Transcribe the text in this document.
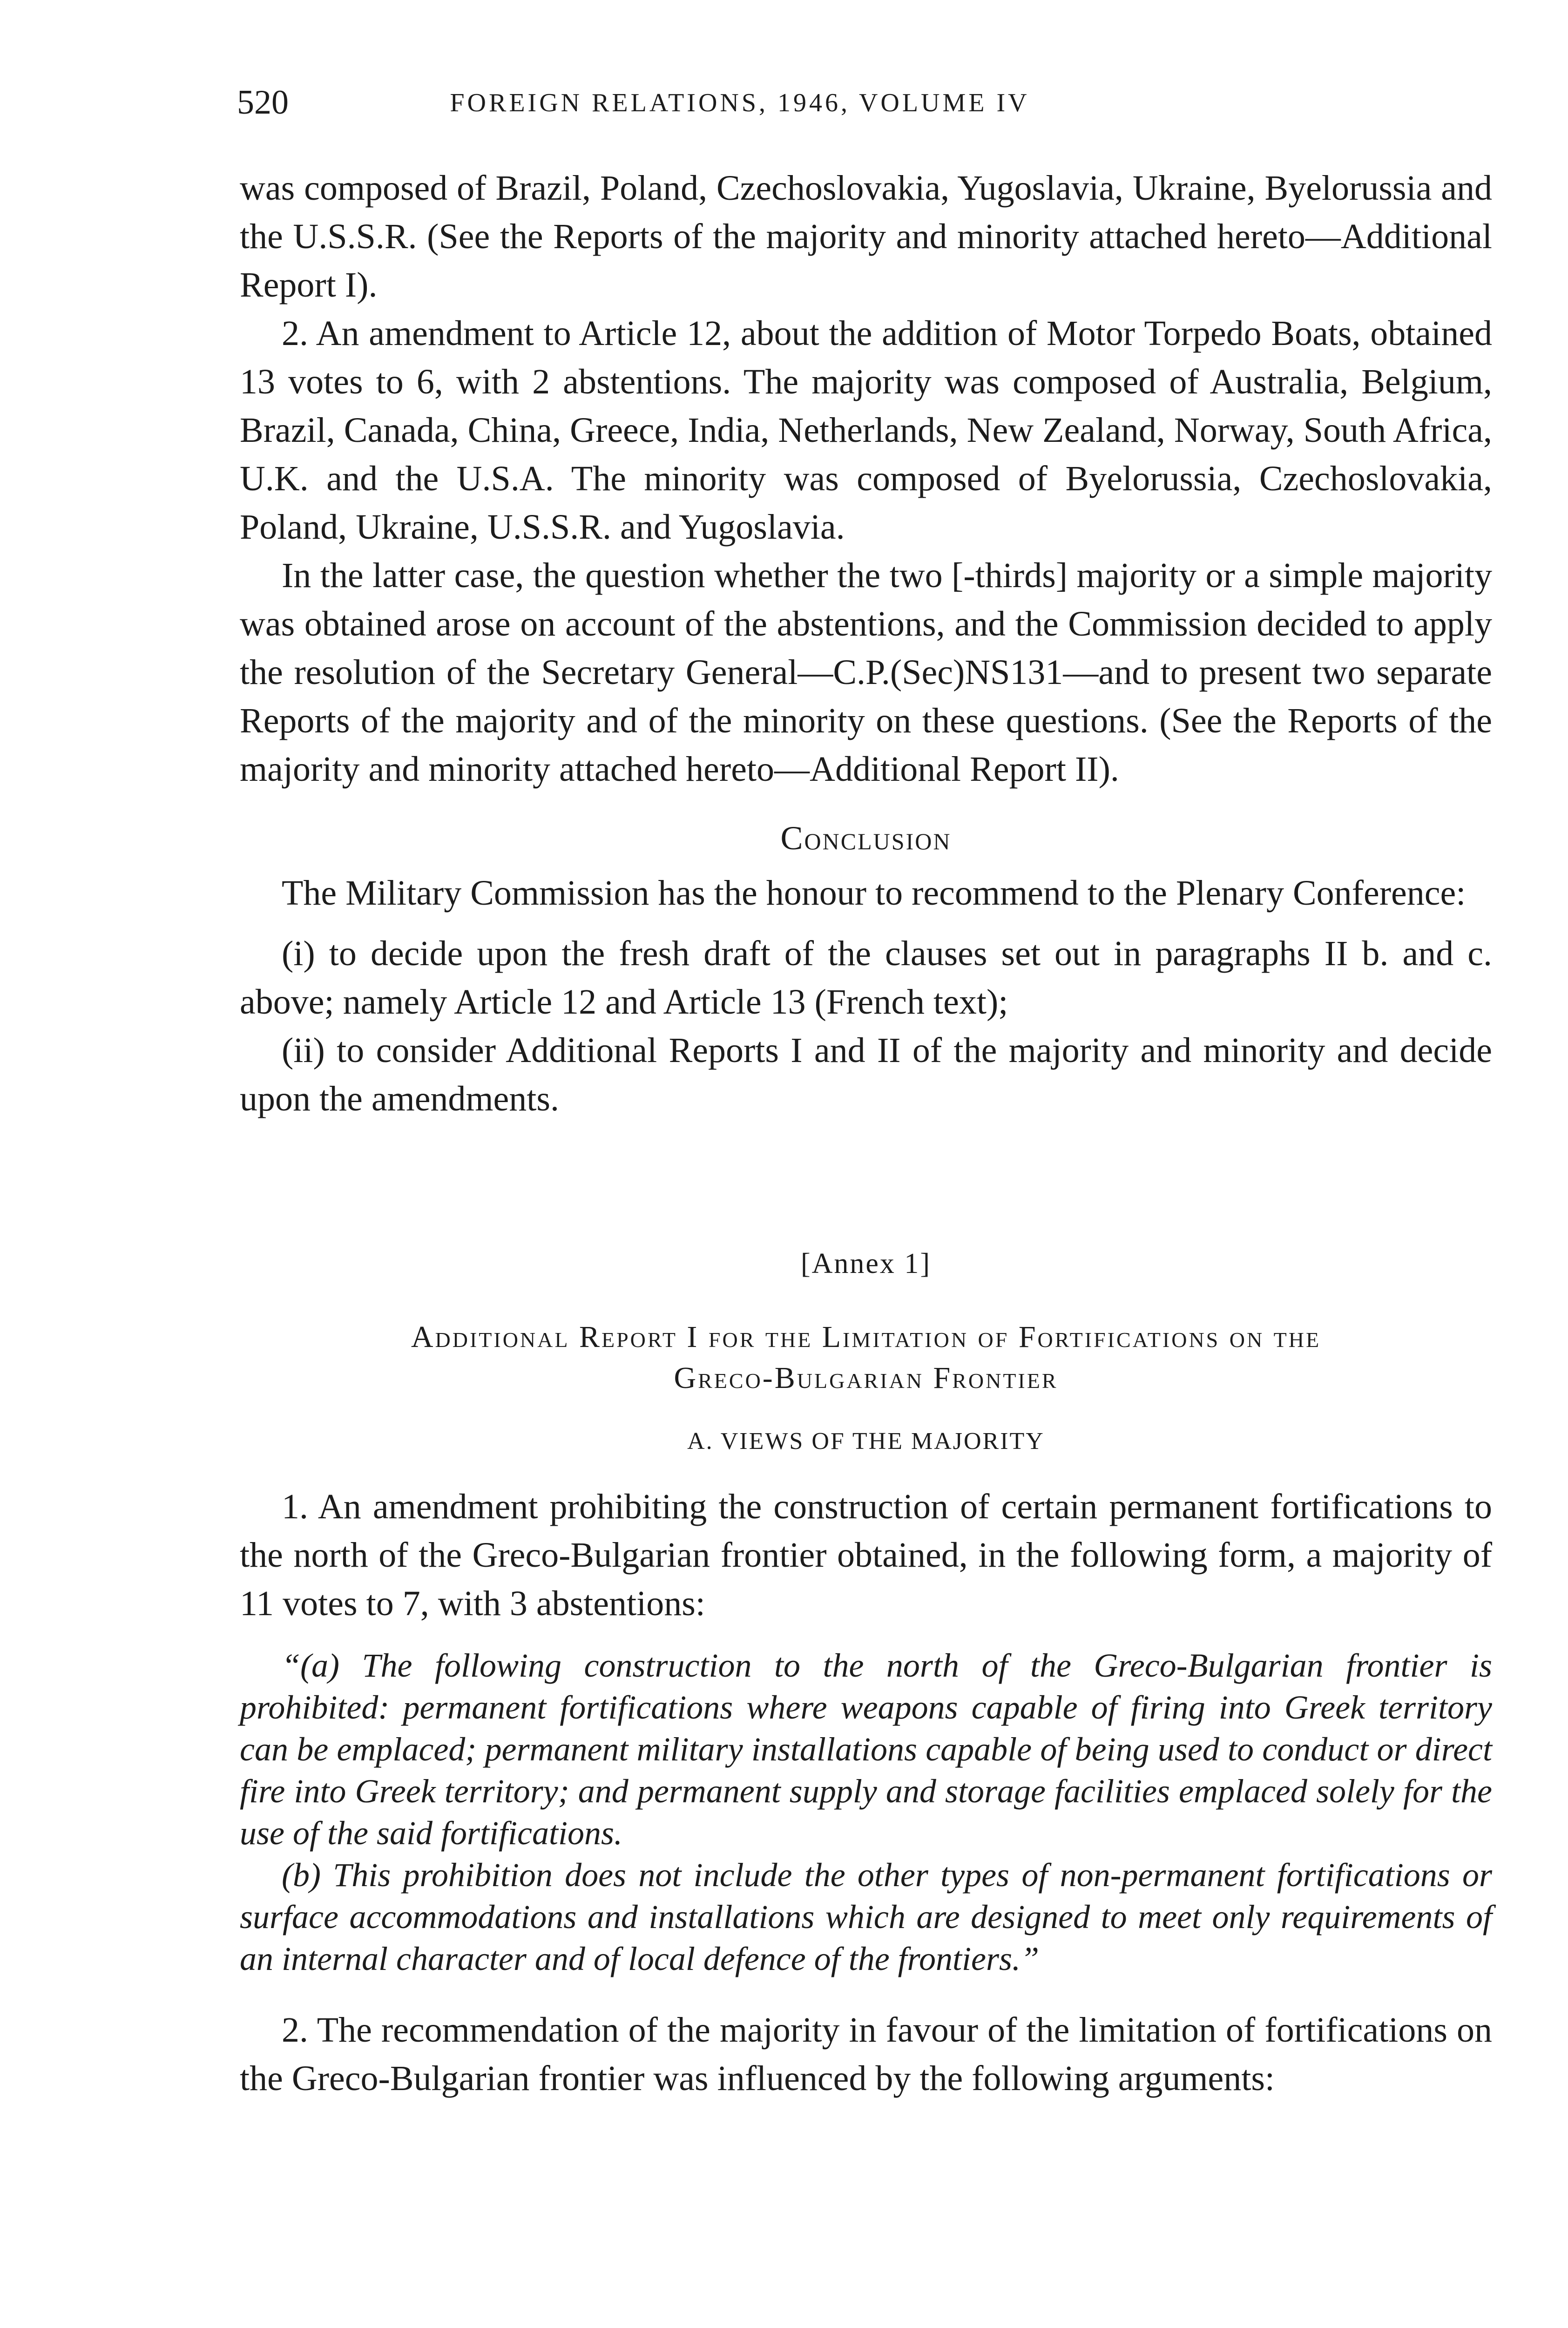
520	FOREIGN RELATIONS, 1946, VOLUME IV

was composed of Brazil, Poland, Czechoslovakia, Yugoslavia, Ukraine, Byelorussia and the U.S.S.R. (See the Reports of the majority and minority attached hereto—Additional Report I).

2. An amendment to Article 12, about the addition of Motor Torpedo Boats, obtained 13 votes to 6, with 2 abstentions. The majority was composed of Australia, Belgium, Brazil, Canada, China, Greece, India, Netherlands, New Zealand, Norway, South Africa, U.K. and the U.S.A. The minority was composed of Byelorussia, Czechoslovakia, Poland, Ukraine, U.S.S.R. and Yugoslavia.

In the latter case, the question whether the two [-thirds] majority or a simple majority was obtained arose on account of the abstentions, and the Commission decided to apply the resolution of the Secretary General—C.P.(Sec)NS131—and to present two separate Reports of the majority and of the minority on these questions. (See the Reports of the majority and minority attached hereto—Additional Report II).

Conclusion

The Military Commission has the honour to recommend to the Plenary Conference:

(i) to decide upon the fresh draft of the clauses set out in paragraphs II b. and c. above; namely Article 12 and Article 13 (French text);

(ii) to consider Additional Reports I and II of the majority and minority and decide upon the amendments.

[Annex 1]

Additional Report I for the Limitation of Fortifications on the
Greco-Bulgarian Frontier

A. VIEWS OF THE MAJORITY

1. An amendment prohibiting the construction of certain permanent fortifications to the north of the Greco-Bulgarian frontier obtained, in the following form, a majority of 11 votes to 7, with 3 abstentions:

“(a) The following construction to the north of the Greco-Bulgarian frontier is prohibited: permanent fortifications where weapons capable of firing into Greek territory can be emplaced; permanent military installations capable of being used to conduct or direct fire into Greek territory; and permanent supply and storage facilities emplaced solely for the use of the said fortifications.

(b) This prohibition does not include the other types of non-permanent fortifications or surface accommodations and installations which are designed to meet only requirements of an internal character and of local defence of the frontiers.”

2. The recommendation of the majority in favour of the limitation of fortifications on the Greco-Bulgarian frontier was influenced by the following arguments:
